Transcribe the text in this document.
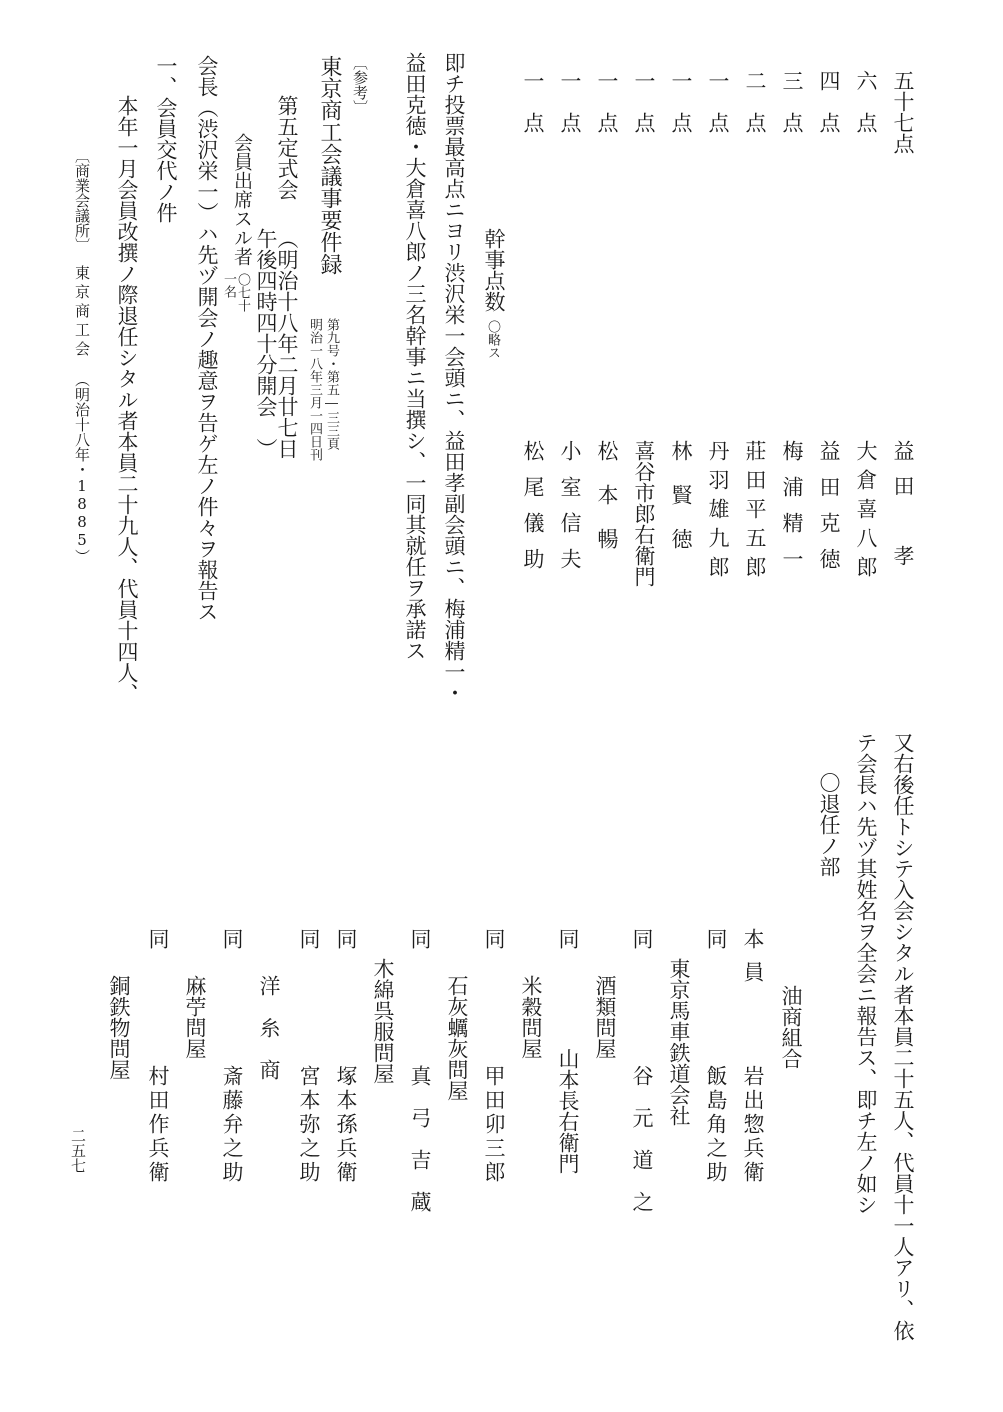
五十七点
益田　孝
六　点
大倉喜八郎
四　点
益田克徳
三　点
梅浦精一
二　点
莊田平五郎
一　点
丹羽雄九郎
一　点
林　賢　徳
一　点
喜谷市郎右衛門
一　点
松　本　暢
一　点
小室信夫
一　点
松尾儀助
幹事点数
〇略ス
即チ投票最高点ニヨリ渋沢栄一会頭ニ、益田孝副会頭ニ、梅浦精一・
益田克徳・大倉喜八郎ノ三名幹事ニ当撰シ、一同其就任ヲ承諾ス
〔参考〕
東京商工会議事要件録
第九号・第五―三三頁
明治一八年三月一四日刊
第五定式会
（明治十八年二月廿七日
午後四時四十分開会　）
会員出席スル者
〇七十
一名
会長（渋沢栄一）ハ先ヅ開会ノ趣意ヲ告ゲ左ノ件々ヲ報告ス
一、会員交代ノ件
本年一月会員改撰ノ際退任シタル者本員二十九人、代員十四人、
〔商業会議所〕
東京商工会
（明治十八年・1885）
又右後任トシテ入会シタル者本員二十五人、代員十一人アリ、依
テ会長ハ先ヅ其姓名ヲ全会ニ報告ス、即チ左ノ如シ
〇退任ノ部
油商組合
本員
岩出惣兵衛
同
飯島角之助
東京馬車鉄道会社
同
谷　元　道　之
酒類問屋
同
山本長右衛門
米穀問屋
同
甲田卯三郎
石灰蠣灰問屋
同
真　弓　吉　蔵
木綿呉服問屋
同
塚本孫兵衛
同
宮本弥之助
洋　糸　商
同
斎藤弁之助
麻苧問屋
同
村田作兵衛
銅鉄物問屋
二五七
